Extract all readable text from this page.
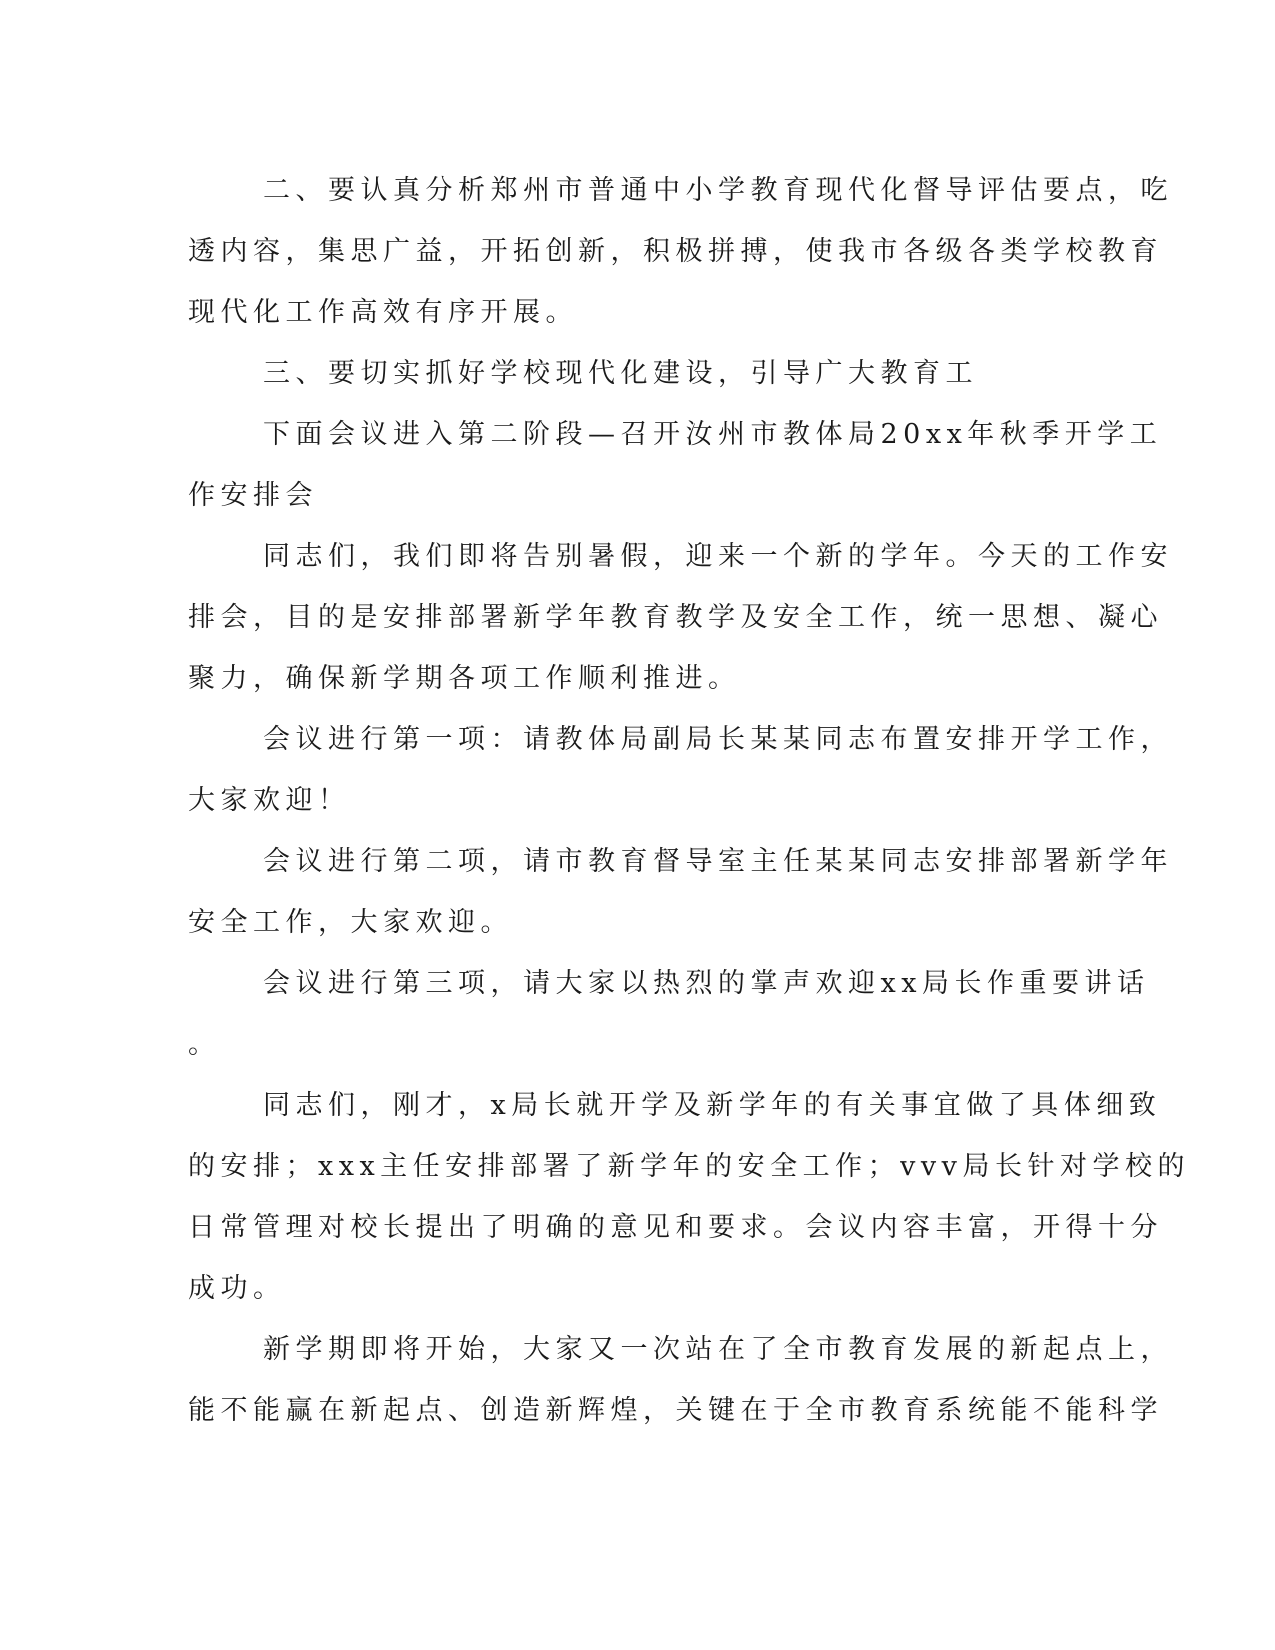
二、要认真分析郑州市普通中小学教育现代化督导评估要点，吃
透内容，集思广益，开拓创新，积极拼搏，使我市各级各类学校教育
现代化工作高效有序开展。

三、要切实抓好学校现代化建设，引导广大教育工

下面会议进入第二阶段—召开汝州市教体局20xx年秋季开学工
作安排会

同志们，我们即将告别暑假，迎来一个新的学年。今天的工作安
排会，目的是安排部署新学年教育教学及安全工作，统一思想、凝心
聚力，确保新学期各项工作顺利推进。

会议进行第一项：请教体局副局长某某同志布置安排开学工作，
大家欢迎！

会议进行第二项，请市教育督导室主任某某同志安排部署新学年
安全工作，大家欢迎。

会议进行第三项，请大家以热烈的掌声欢迎xx局长作重要讲话
。

同志们，刚才，x局长就开学及新学年的有关事宜做了具体细致
的安排；xxx主任安排部署了新学年的安全工作；vvv局长针对学校的
日常管理对校长提出了明确的意见和要求。会议内容丰富，开得十分
成功。

新学期即将开始，大家又一次站在了全市教育发展的新起点上，
能不能赢在新起点、创造新辉煌，关键在于全市教育系统能不能科学
